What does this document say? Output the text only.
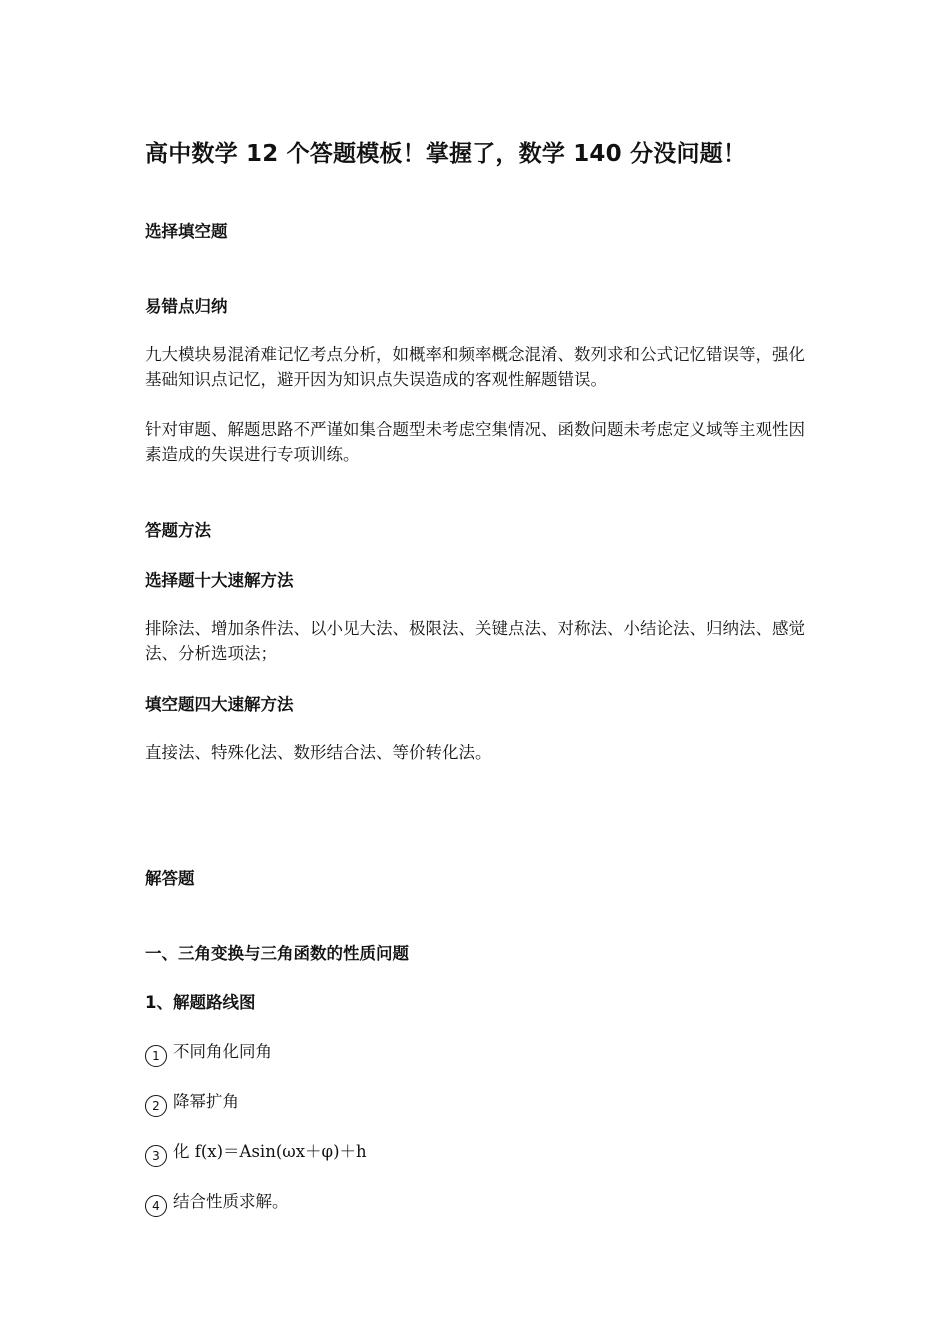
高中数学 12 个答题模板！掌握了，数学 140 分没问题！
选择填空题
易错点归纳

九大模块易混淆难记忆考点分析，如概率和频率概念混淆、数列求和公式记忆错误等，强化基础知识点记忆，避开因为知识点失误造成的客观性解题错误。

针对审题、解题思路不严谨如集合题型未考虑空集情况、函数问题未考虑定义域等主观性因素造成的失误进行专项训练。

答题方法
选择题十大速解方法

排除法、增加条件法、以小见大法、极限法、关键点法、对称法、小结论法、归纳法、感觉法、分析选项法；

填空题四大速解方法

直接法、特殊化法、数形结合法、等价转化法。

解答题
一、三角变换与三角函数的性质问题
1、解题路线图
1 不同角化同角
2 降幂扩角
3 化 f(x)＝Asin(ωx＋φ)＋h
4 结合性质求解。
